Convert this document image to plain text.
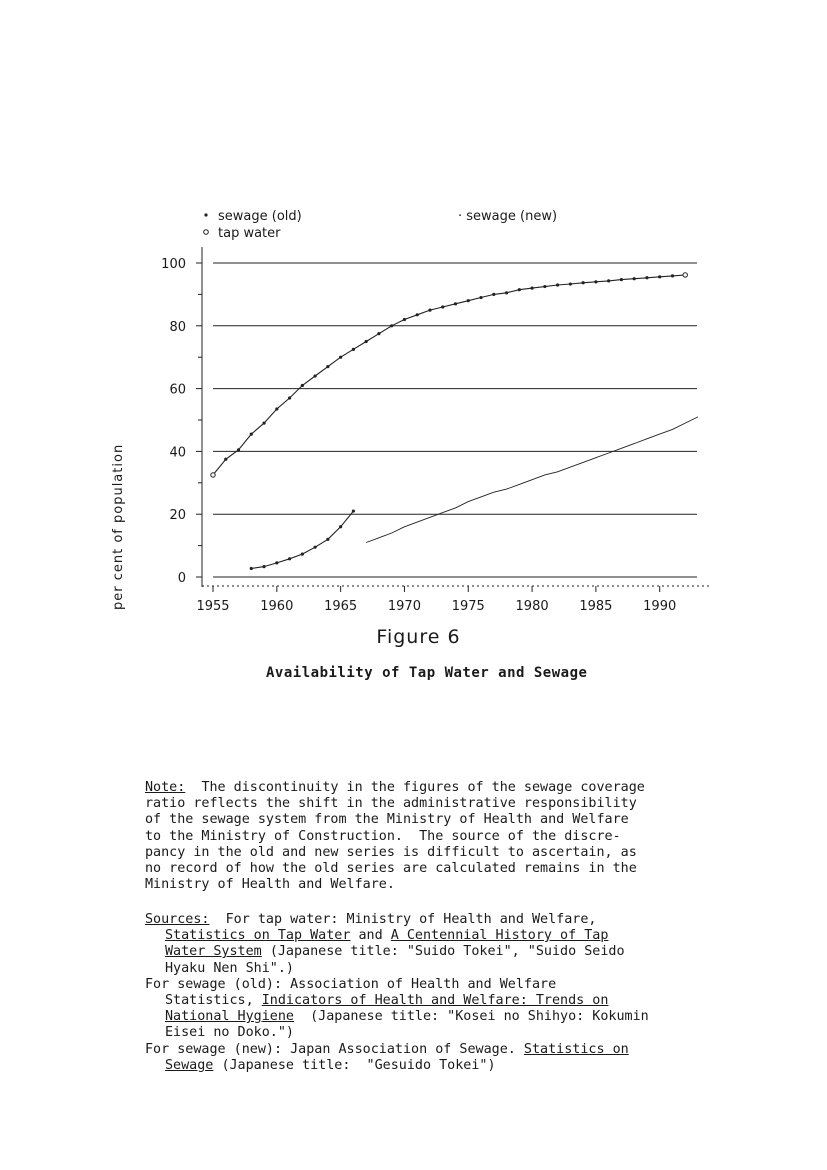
sewage (old)
tap water
· sewage (new)
0
20
40
60
80
100
1955 1960 1965 1970 1975 1980 1985 1990
per cent of population
Figure 6
Availability of Tap Water and Sewage
Note: The discontinuity in the figures of the sewage coverage
ratio reflects the shift in the administrative responsibility
of the sewage system from the Ministry of Health and Welfare
to the Ministry of Construction.  The source of the discre-
pancy in the old and new series is difficult to ascertain, as
no record of how the old series are calculated remains in the
Ministry of Health and Welfare.
Sources: For tap water: Ministry of Health and Welfare,
Statistics on Tap Water and A Centennial History of Tap
Water System (Japanese title: "Suido Tokei", "Suido Seido
Hyaku Nen Shi".)
For sewage (old): Association of Health and Welfare
Statistics, Indicators of Health and Welfare: Trends on
National Hygiene (Japanese title: "Kosei no Shihyo: Kokumin
Eisei no Doko.")
For sewage (new): Japan Association of Sewage. Statistics on
Sewage (Japanese title:  "Gesuido Tokei")
